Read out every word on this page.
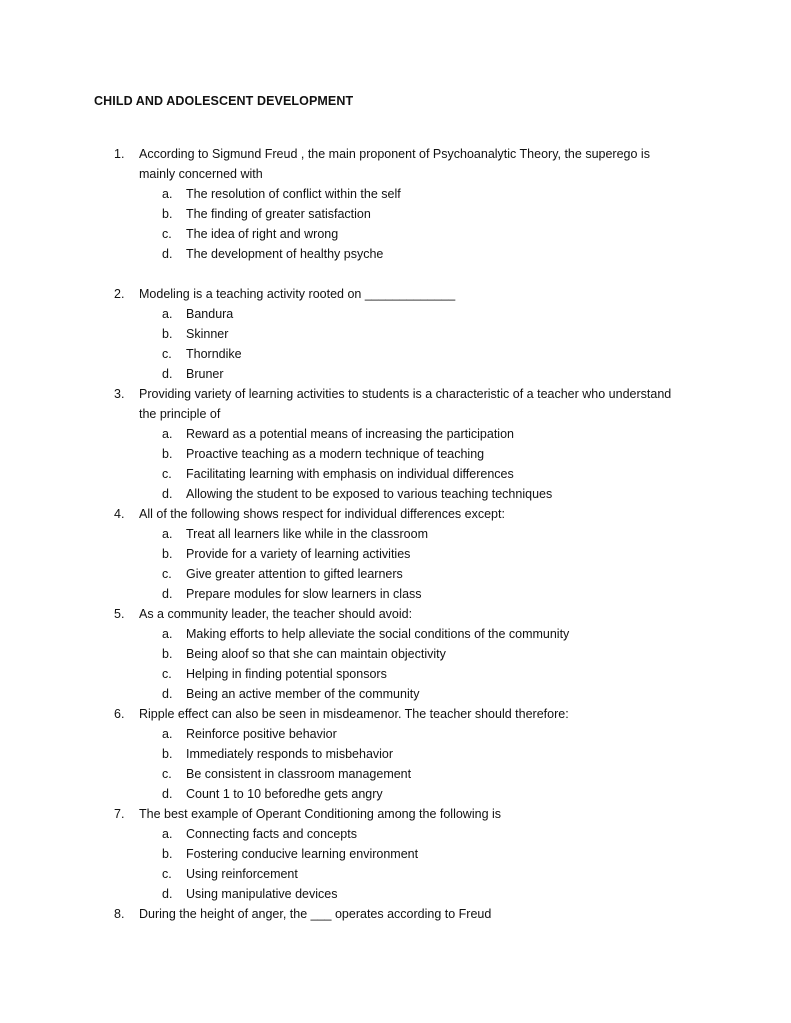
CHILD AND ADOLESCENT DEVELOPMENT
1.	According to Sigmund Freud , the main proponent of Psychoanalytic Theory, the superego is mainly concerned with
a. The resolution of conflict within the self
b. The finding of greater satisfaction
c. The idea of right and wrong
d. The development of healthy psyche
2.	Modeling is a teaching activity rooted on _____________
a. Bandura
b. Skinner
c. Thorndike
d. Bruner
3.	Providing variety of learning activities to students is a characteristic of a teacher who understand the principle of
a. Reward as a potential means of increasing the participation
b. Proactive teaching as a modern technique of teaching
c. Facilitating learning with emphasis on individual differences
d. Allowing the student to be exposed to various teaching techniques
4.	All of the following shows respect for individual differences except:
a. Treat all learners like while in the classroom
b. Provide for a variety of learning activities
c. Give greater attention to gifted learners
d. Prepare modules for slow learners in class
5.	As a community leader, the teacher should avoid:
a. Making efforts to help alleviate the social conditions of the community
b. Being aloof so that she can maintain objectivity
c. Helping in finding potential sponsors
d. Being an active member of the community
6.	Ripple effect can also be seen in misdeamenor. The teacher should therefore:
a. Reinforce positive behavior
b. Immediately responds to misbehavior
c. Be consistent in classroom management
d. Count 1 to 10 beforedhe gets angry
7.	The best example of Operant Conditioning among the following is
a. Connecting facts and concepts
b. Fostering conducive learning environment
c. Using reinforcement
d. Using manipulative devices
8.	During the height of anger, the ___ operates according to Freud
